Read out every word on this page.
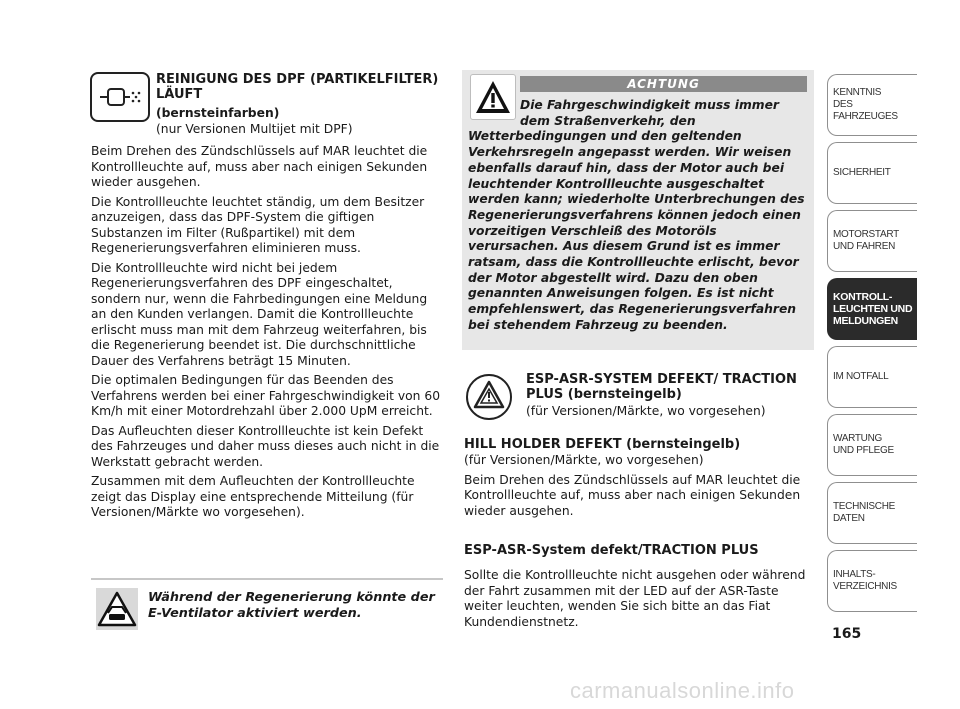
REINIGUNG DES DPF (PARTIKELFILTER) LÄUFT
(bernsteinfarben)
(nur Versionen Multijet mit DPF)

Beim Drehen des Zündschlüssels auf MAR leuchtet die Kontrollleuchte auf, muss aber nach einigen Sekunden wieder ausgehen.

Die Kontrollleuchte leuchtet ständig, um dem Besitzer anzuzeigen, dass das DPF-System die giftigen Substanzen im Filter (Rußpartikel) mit dem Regenerierungsverfahren eliminieren muss.

Die Kontrollleuchte wird nicht bei jedem Regenerierungsverfahren des DPF eingeschaltet, sondern nur, wenn die Fahrbedingungen eine Meldung an den Kunden verlangen. Damit die Kontrollleuchte erlischt muss man mit dem Fahrzeug weiterfahren, bis die Regenerierung beendet ist. Die durchschnittliche Dauer des Verfahrens beträgt 15 Minuten.

Die optimalen Bedingungen für das Beenden des Verfahrens werden bei einer Fahrgeschwindigkeit von 60 Km/h mit einer Motordrehzahl über 2.000 UpM erreicht.

Das Aufleuchten dieser Kontrollleuchte ist kein Defekt des Fahrzeuges und daher muss dieses auch nicht in die Werkstatt gebracht werden.

Zusammen mit dem Aufleuchten der Kontrollleuchte zeigt das Display eine entsprechende Mitteilung (für Versionen/Märkte wo vorgesehen).

Während der Regenerierung könnte der E-Ventilator aktiviert werden.
ACHTUNG
Die Fahrgeschwindigkeit muss immer dem Straßenverkehr, den
Wetterbedingungen und den geltenden Verkehrsregeln angepasst werden. Wir weisen ebenfalls darauf hin, dass der Motor auch bei leuchtender Kontrollleuchte ausgeschaltet werden kann; wiederholte Unterbrechungen des Regenerierungsverfahrens können jedoch einen vorzeitigen Verschleiß des Motoröls verursachen. Aus diesem Grund ist es immer ratsam, dass die Kontrollleuchte erlischt, bevor der Motor abgestellt wird. Dazu den oben genannten Anweisungen folgen. Es ist nicht empfehlenswert, das Regenerierungsverfahren bei stehendem Fahrzeug zu beenden.
ESP-ASR-SYSTEM DEFEKT/ TRACTION PLUS (bernsteingelb)
(für Versionen/Märkte, wo vorgesehen)
HILL HOLDER DEFEKT (bernsteingelb)

(für Versionen/Märkte, wo vorgesehen)

Beim Drehen des Zündschlüssels auf MAR leuchtet die Kontrollleuchte auf, muss aber nach einigen Sekunden wieder ausgehen.

ESP-ASR-System defekt/TRACTION PLUS
Sollte die Kontrollleuchte nicht ausgehen oder während der Fahrt zusammen mit der LED auf der ASR-Taste weiter leuchten, wenden Sie sich bitte an das Fiat Kundendienstnetz.
KENNTNIS
DES FAHRZEUGES
SICHERHEIT
MOTORSTART
UND FAHREN
KONTROLL-
LEUCHTEN UND
MELDUNGEN
IM NOTFALL
WARTUNG
UND PFLEGE
TECHNISCHE
DATEN
INHALTS-
VERZEICHNIS
165
carmanualsonline.info
